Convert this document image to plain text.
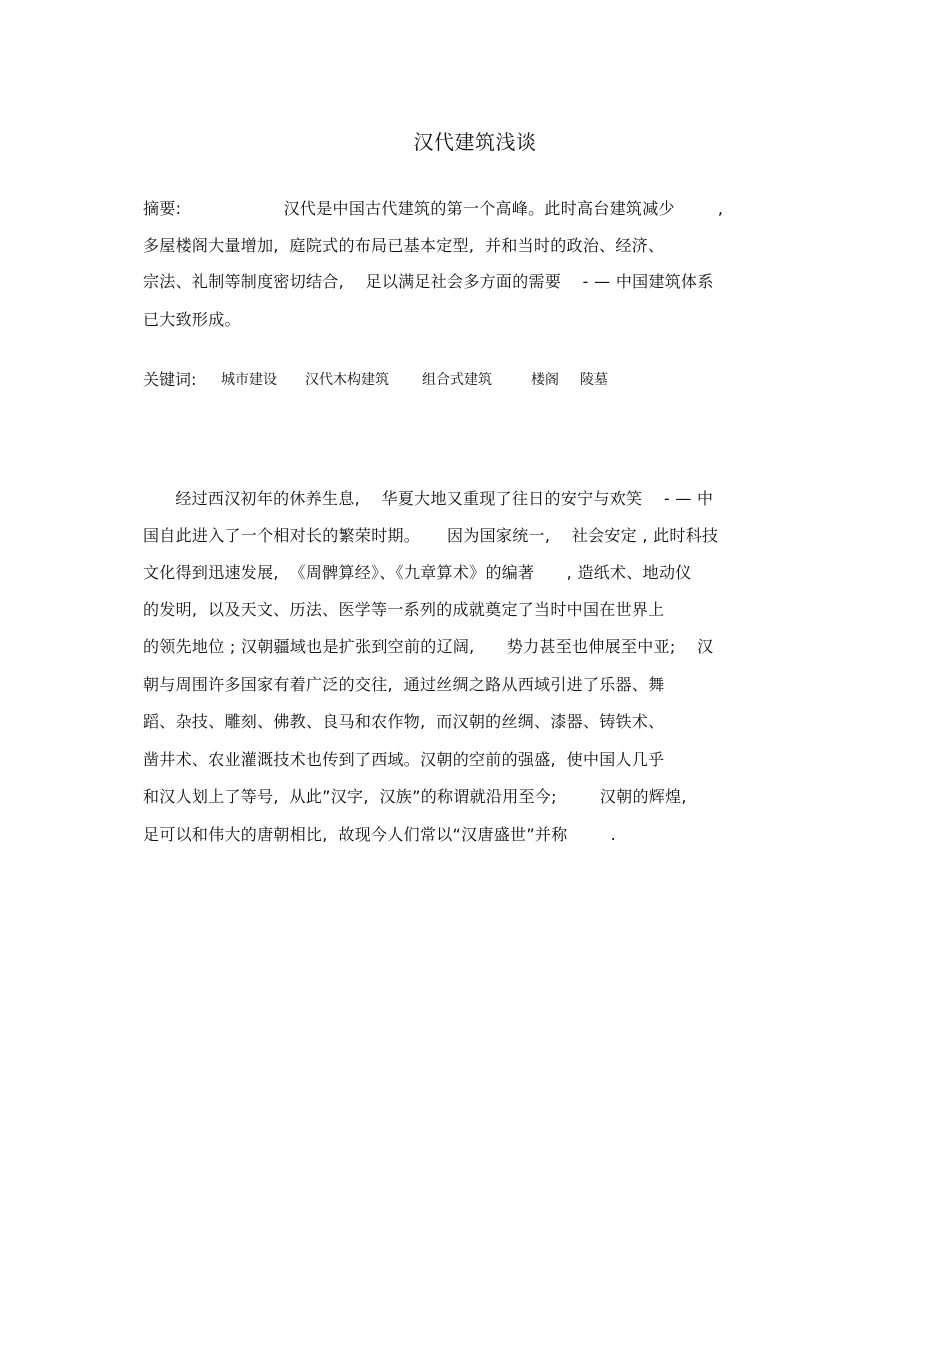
汉代建筑浅谈
摘要:                   汉代是中国古代建筑的第一个高峰。此时高台建筑减少        ,
多屋楼阁大量增加,  庭院式的布局已基本定型,  并和当时的政治、经济、
宗法、礼制等制度密切结合,    足以满足社会多方面的需要    - — 中国建筑体系
已大致形成。
关键词: 城市建设 汉代木构建筑 组合式建筑	楼阁 陵墓
经过西汉初年的休养生息,    华夏大地又重现了往日的安宁与欢笑    - — 中
国自此进入了一个相对长的繁荣时期。     因为国家统一,    社会安定 , 此时科技
文化得到迅速发展,  《周髀算经》、《九章算术》的编著      , 造纸术、地动仪
的发明,  以及天文、历法、医学等一系列的成就奠定了当时中国在世界上
的领先地位 ; 汉朝疆域也是扩张到空前的辽阔,      势力甚至也伸展至中亚;    汉
朝与周围许多国家有着广泛的交往,  通过丝绸之路从西域引进了乐器、舞
蹈、杂技、雕刻、佛教、良马和农作物,  而汉朝的丝绸、漆器、铸铁术、
凿井术、农业灌溉技术也传到了西域。汉朝的空前的强盛,  使中国人几乎
和汉人划上了等号,  从此”汉字,  汉族”的称谓就沿用至今;        汉朝的辉煌,
足可以和伟大的唐朝相比,  故现今人们常以“汉唐盛世”并称        .
